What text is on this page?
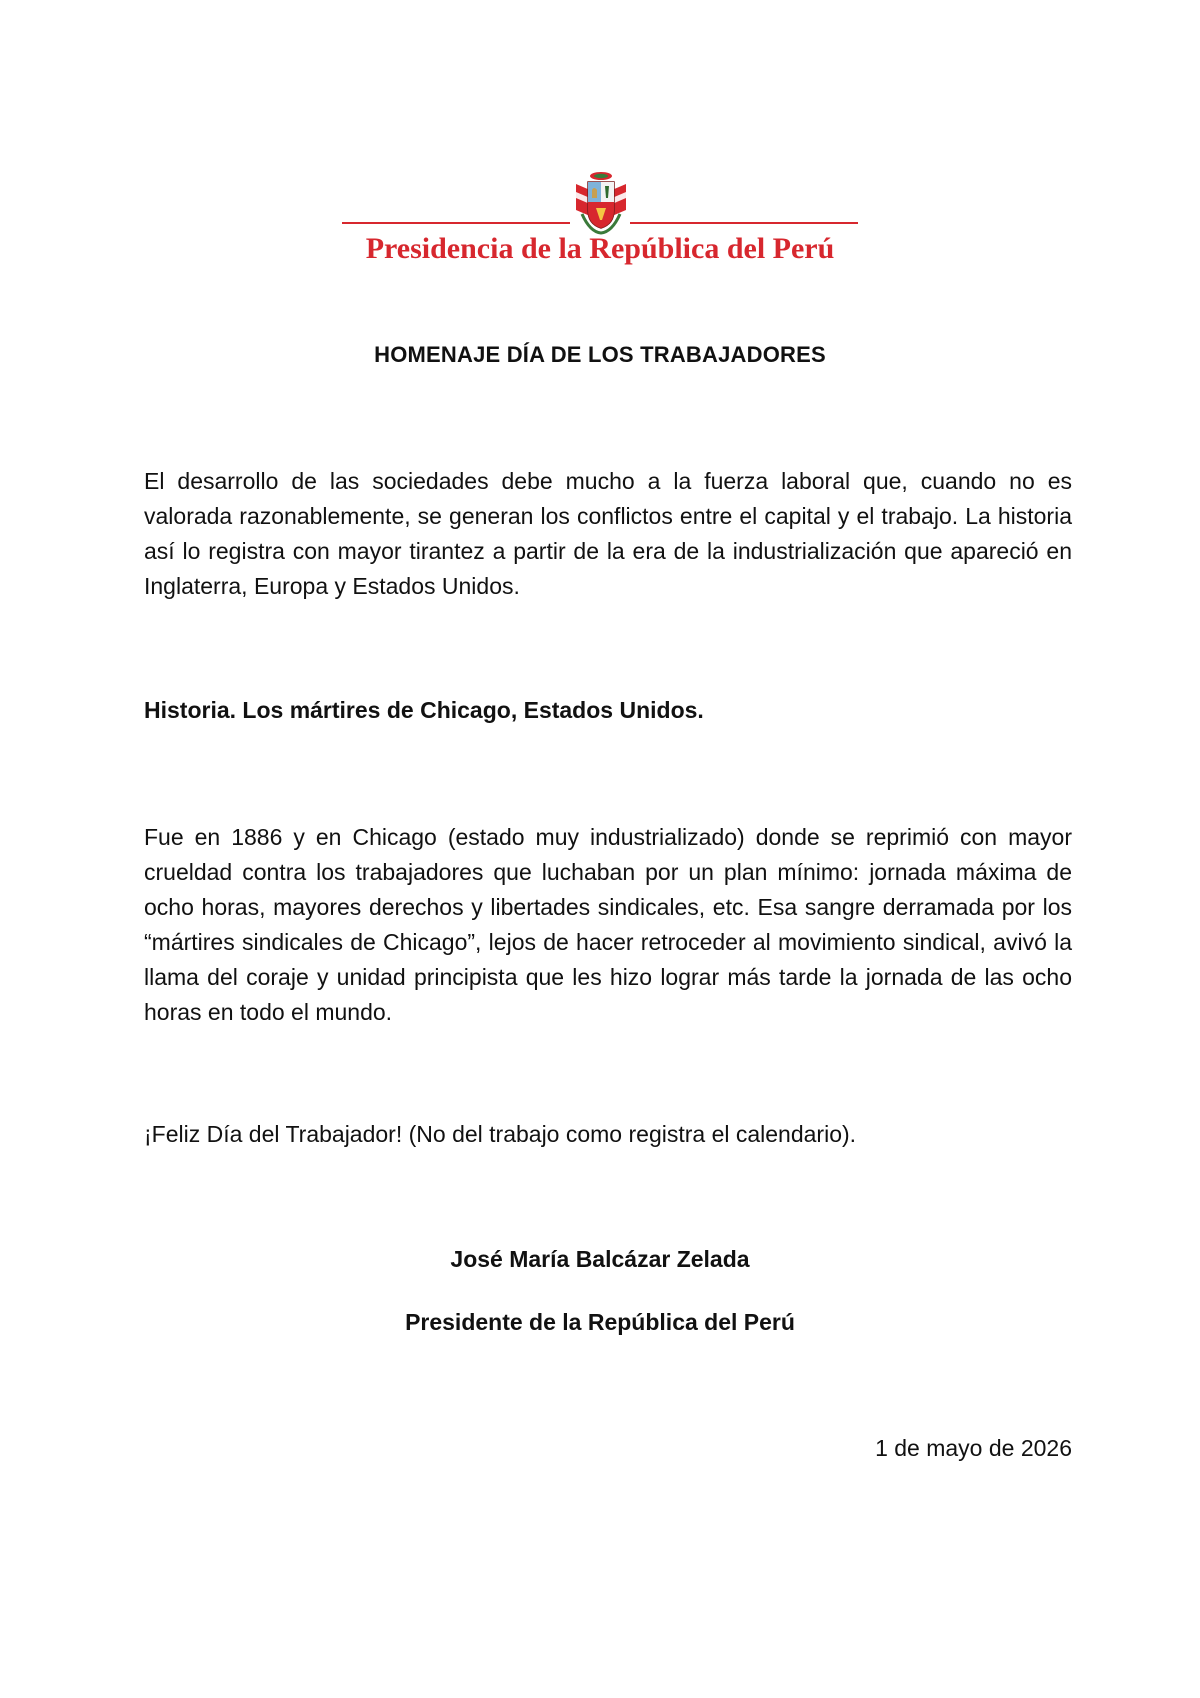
Presidencia de la República del Perú
HOMENAJE DÍA DE LOS TRABAJADORES
El desarrollo de las sociedades debe mucho a la fuerza laboral que, cuando no es valorada razonablemente, se generan los conflictos entre el capital y el trabajo. La historia así lo registra con mayor tirantez a partir de la era de la industrialización que apareció en Inglaterra, Europa y Estados Unidos.
Historia. Los mártires de Chicago, Estados Unidos.
Fue en 1886 y en Chicago (estado muy industrializado) donde se reprimió con mayor crueldad contra los trabajadores que luchaban por un plan mínimo: jornada máxima de ocho horas, mayores derechos y libertades sindicales, etc. Esa sangre derramada por los “mártires sindicales de Chicago”, lejos de hacer retroceder al movimiento sindical, avivó la llama del coraje y unidad principista que les hizo lograr más tarde la jornada de las ocho horas en todo el mundo.
¡Feliz Día del Trabajador! (No del trabajo como registra el calendario).
José María Balcázar Zelada
Presidente de la República del Perú
1 de mayo de 2026
